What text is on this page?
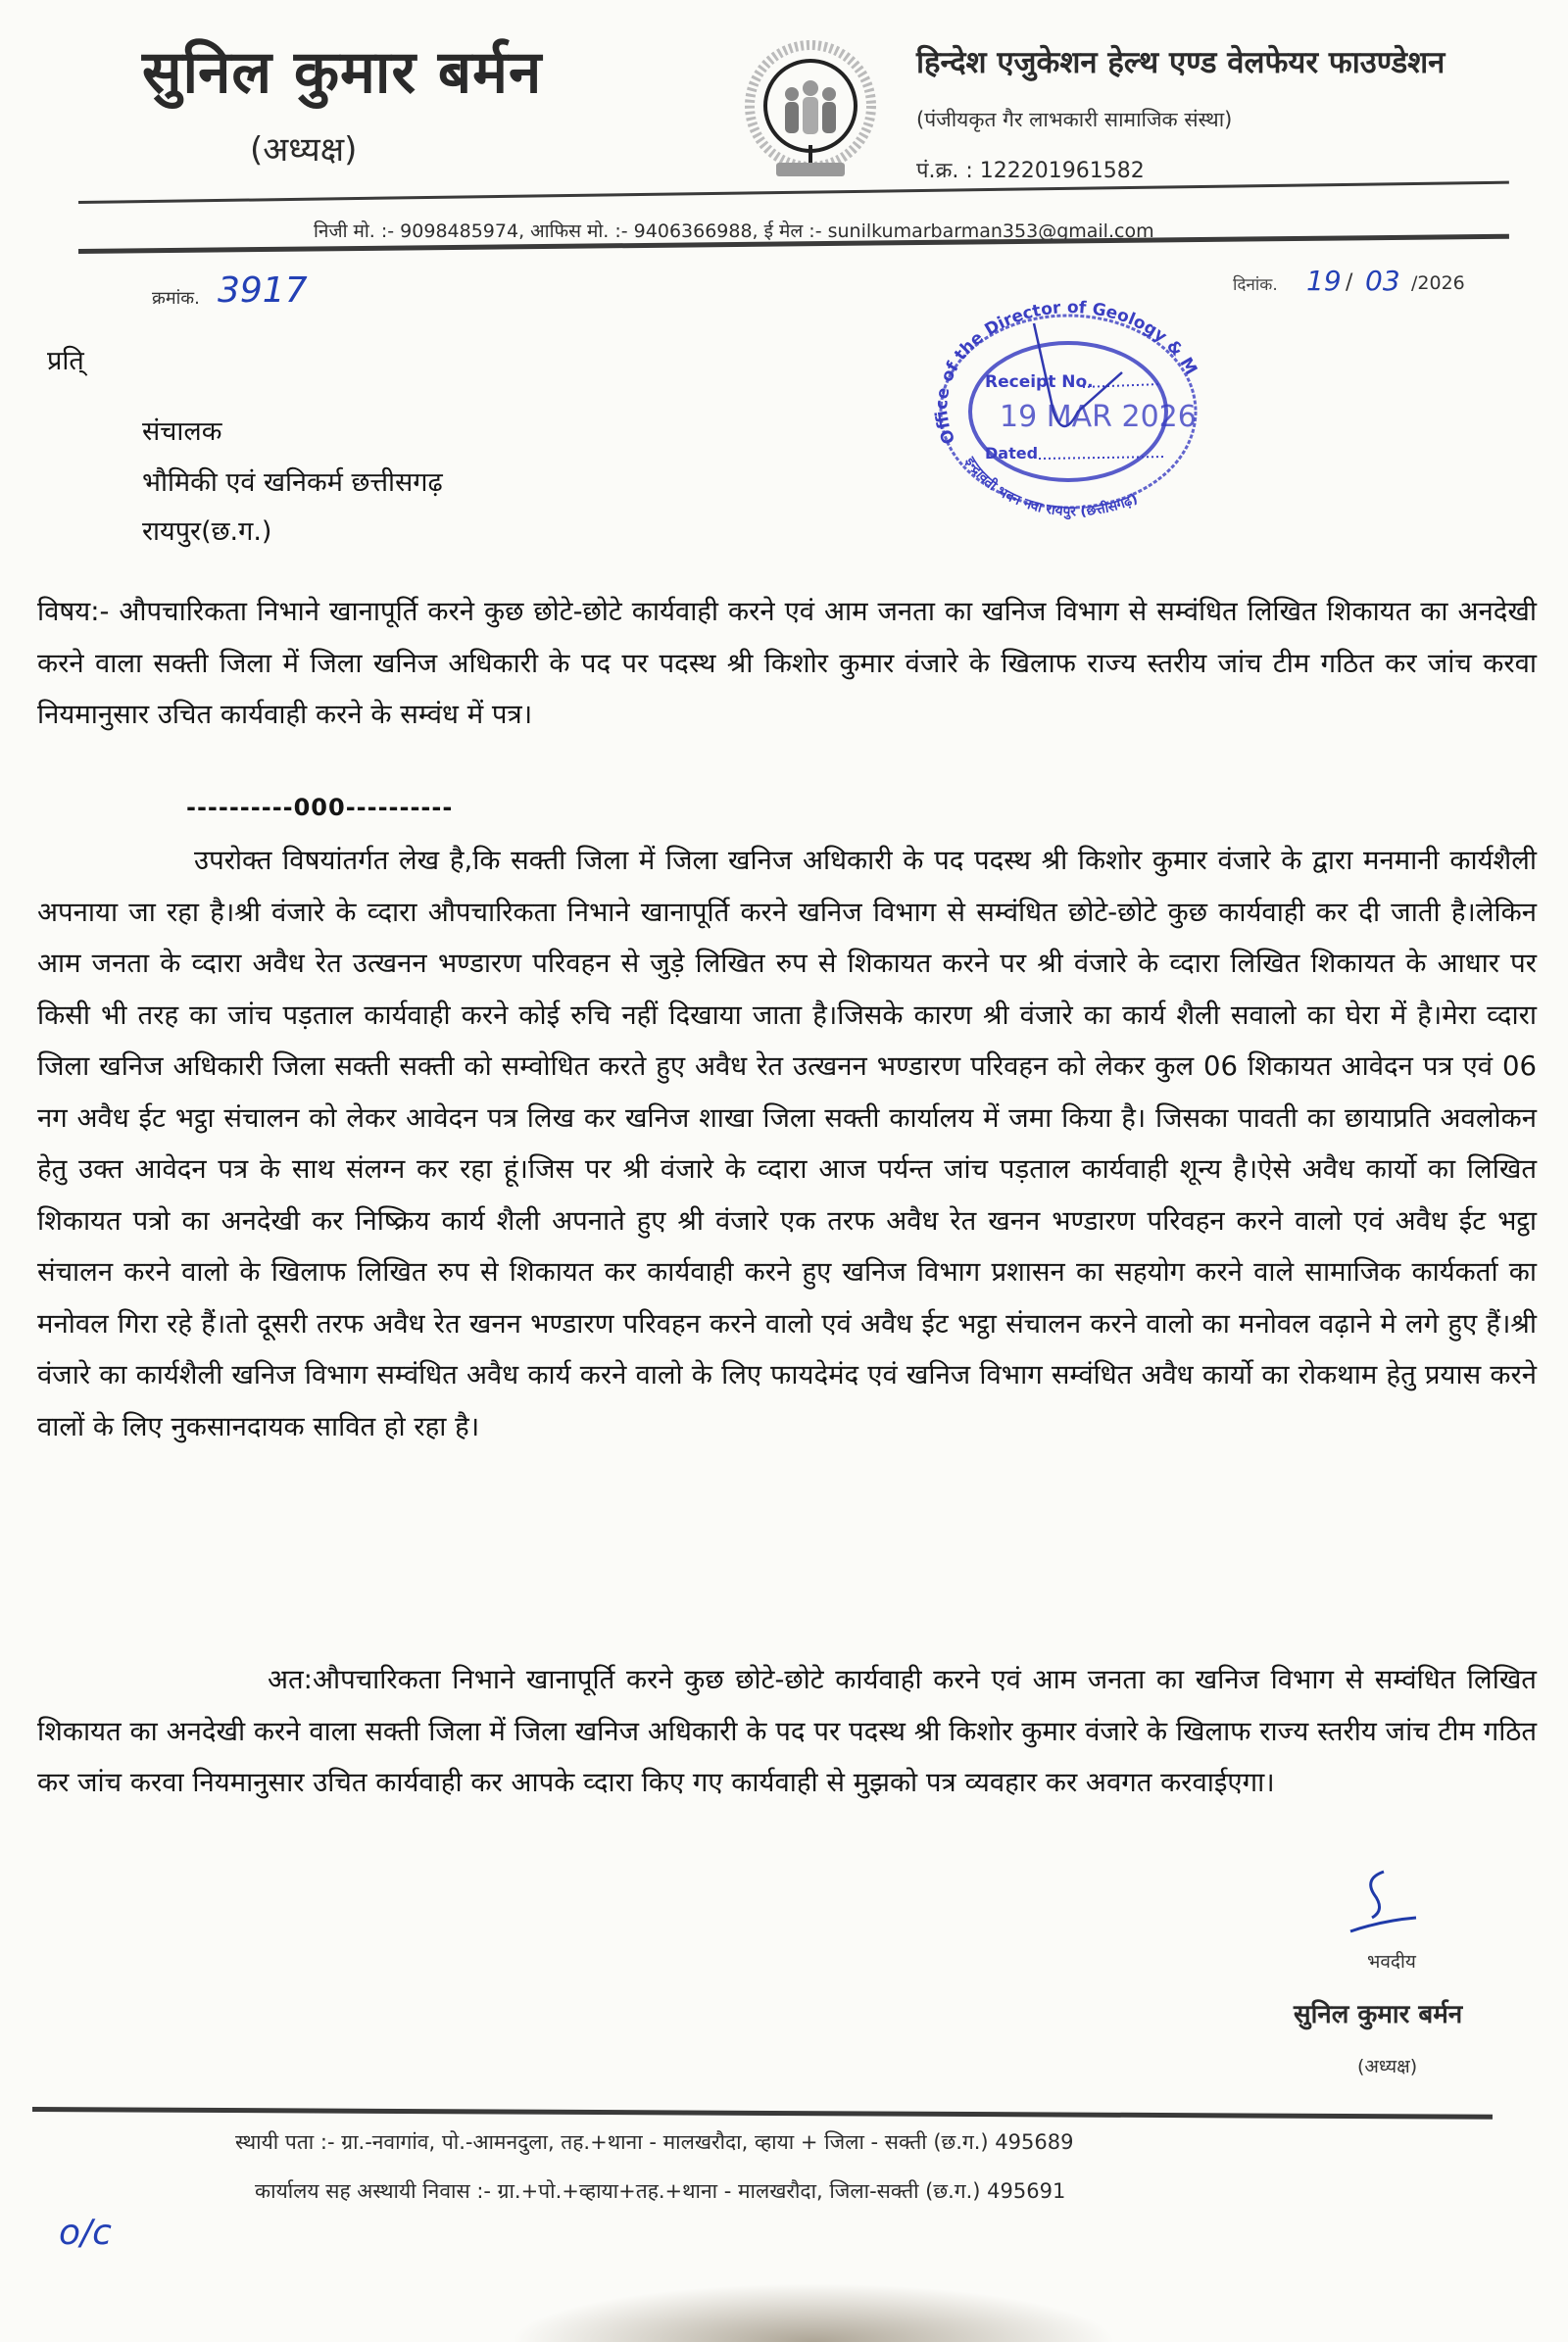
सुनिल कुमार बर्मन
(अध्यक्ष)
हिन्देश एजुकेशन हेल्थ एण्ड वेलफेयर फाउण्डेशन
(पंजीयकृत गैर लाभकारी सामाजिक संस्था)
पं.क्र. : 122201961582
निजी मो. :- 9098485974, आफिस मो. :- 9406366988, ई मेल :- sunilkumarbarman353@gmail.com
क्रमांक. 3917	दिनांक. 19 / 03 /2026
Receipt No.
19 MAR 2026
Dated
Office of the Director of Geology & M
इन्द्रावती भवन नवा रायपुर (छत्तीसगढ़)
प्रति्
संचालक
भौमिकी एवं खनिकर्म छत्तीसगढ़
रायपुर(छ.ग.)
विषय:- औपचारिकता निभाने खानापूर्ति करने कुछ छोटे-छोटे कार्यवाही करने एवं आम जनता का खनिज विभाग से सम्वंधित लिखित शिकायत का अनदेखी करने वाला सक्ती जिला में जिला खनिज अधिकारी के पद पर पदस्थ श्री किशोर कुमार वंजारे के खिलाफ राज्य स्तरीय जांच टीम गठित कर जांच करवा नियमानुसार उचित कार्यवाही करने के सम्वंध में पत्र।
----------000----------
उपरोक्त विषयांतर्गत लेख है,कि सक्ती जिला में जिला खनिज अधिकारी के पद पदस्थ श्री किशोर कुमार वंजारे के द्वारा मनमानी कार्यशैली अपनाया जा रहा है।श्री वंजारे के व्दारा औपचारिकता निभाने खानापूर्ति करने खनिज विभाग से सम्वंधित छोटे-छोटे कुछ कार्यवाही कर दी जाती है।लेकिन आम जनता के व्दारा अवैध रेत उत्खनन भण्डारण परिवहन से जुड़े लिखित रुप से शिकायत करने पर श्री वंजारे के व्दारा लिखित शिकायत के आधार पर किसी भी तरह का जांच पड़ताल कार्यवाही करने कोई रुचि नहीं दिखाया जाता है।जिसके कारण श्री वंजारे का कार्य शैली सवालो का घेरा में है।मेरा व्दारा जिला खनिज अधिकारी जिला सक्ती सक्ती को सम्वोधित करते हुए अवैध रेत उत्खनन भण्डारण परिवहन को लेकर कुल 06 शिकायत आवेदन पत्र एवं 06 नग अवैध ईट भट्ठा संचालन को लेकर आवेदन पत्र लिख कर खनिज शाखा जिला सक्ती कार्यालय में जमा किया है। जिसका पावती का छायाप्रति अवलोकन हेतु उक्त आवेदन पत्र के साथ संलग्न कर रहा हूं।जिस पर श्री वंजारे के व्दारा आज पर्यन्त जांच पड़ताल कार्यवाही शून्य है।ऐसे अवैध कार्यो का लिखित शिकायत पत्रो का अनदेखी कर निष्क्रिय कार्य शैली अपनाते हुए श्री वंजारे एक तरफ अवैध रेत खनन भण्डारण परिवहन करने वालो एवं अवैध ईट भट्ठा संचालन करने वालो के खिलाफ लिखित रुप से शिकायत कर कार्यवाही करने हुए खनिज विभाग प्रशासन का सहयोग करने वाले सामाजिक कार्यकर्ता का मनोवल गिरा रहे हैं।तो दूसरी तरफ अवैध रेत खनन भण्डारण परिवहन करने वालो एवं अवैध ईट भट्ठा संचालन करने वालो का मनोवल वढ़ाने मे लगे हुए हैं।श्री वंजारे का कार्यशैली खनिज विभाग सम्वंधित अवैध कार्य करने वालो के लिए फायदेमंद एवं खनिज विभाग सम्वंधित अवैध कार्यो का रोकथाम हेतु प्रयास करने वालों के लिए नुकसानदायक सावित हो रहा है।
अत:औपचारिकता निभाने खानापूर्ति करने कुछ छोटे-छोटे कार्यवाही करने एवं आम जनता का खनिज विभाग से सम्वंधित लिखित शिकायत का अनदेखी करने वाला सक्ती जिला में जिला खनिज अधिकारी के पद पर पदस्थ श्री किशोर कुमार वंजारे के खिलाफ राज्य स्तरीय जांच टीम गठित कर जांच करवा नियमानुसार उचित कार्यवाही कर आपके व्दारा किए गए कार्यवाही से मुझको पत्र व्यवहार कर अवगत करवाईएगा।
भवदीय
सुनिल कुमार बर्मन
(अध्यक्ष)
स्थायी पता :- ग्रा.-नवागांव, पो.-आमनदुला, तह.+थाना - मालखरौदा, व्हाया + जिला - सक्ती (छ.ग.) 495689
कार्यालय सह अस्थायी निवास :- ग्रा.+पो.+व्हाया+तह.+थाना - मालखरौदा, जिला-सक्ती (छ.ग.) 495691
o/c
